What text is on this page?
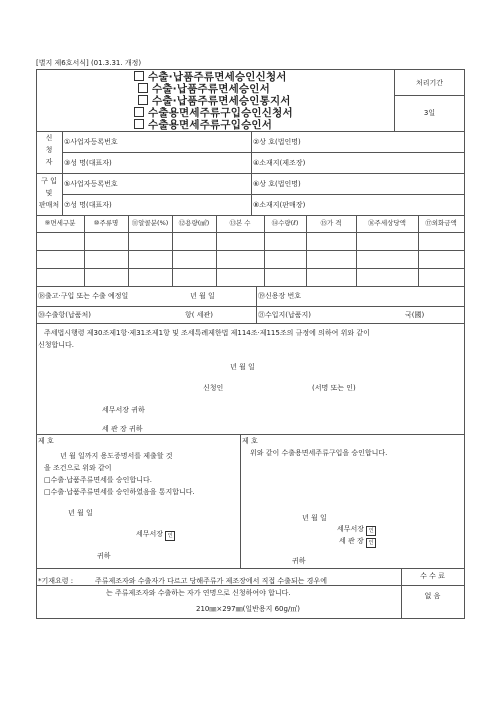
[별지 제6호서식] (01.3.31. 개정)
수출·납품주류면세승인신청서
수출·납품주류면세승인서
수출·납품주류면세승인통지서
수출용면세주류구입승인신청서
수출용면세주류구입승인서
처리기간
3일
신
청
자
①사업자등록번호	②상 호(법인명)
③성 명(대표자)	④소재지(제조장)
구 입
및
판매처
⑤사업자등록번호	⑥상 호(법인명)
⑦성 명(대표자)	⑧소재지(판매장)
⑨면세구분	⑩주류명	⑪알콜분(%)	⑫용량(㎖)	⑬본 수	⑭수량(ℓ)	⑮가 격	⑯주세상당액	⑰외화금액
⑱출고·구입 또는 수출 예정일	년 월 일	⑲신용장 번호
⑳수출항(납품처)	항( 세관)	㉑수입지(납품지)	국(國)
주세법시행령 제30조제1항·제31조제1항 및 조세특례제한법 제114조·제115조의 규정에 의하여 위와 같이
신청합니다.
년 월 일
신청인	(서명 또는 인)
세무서장 귀하
세 관 장 귀하
제 호
년 월 일까지 용도증명서를 제출할 것
을 조건으로 위와 같이
□수출·납품주류면세를 승인합니다.
□수출·납품주류면세를 승인하였음을 통지합니다.
년 월 일
세무서장 인
귀하
제 호
위와 같이 수출용면세주류구입을 승인합니다.
년 월 일
세무서장 인
세 관 장 인
귀하
*기재요령 :	주류제조자와 수출자가 다르고 당해주류가 제조장에서 직접 수출되는 경우에
는 주류제조자와 수출하는 자가 연명으로 신청하여야 합니다.
수 수 료
없 음
210㎜×297㎜(일반용지 60g/㎡)
